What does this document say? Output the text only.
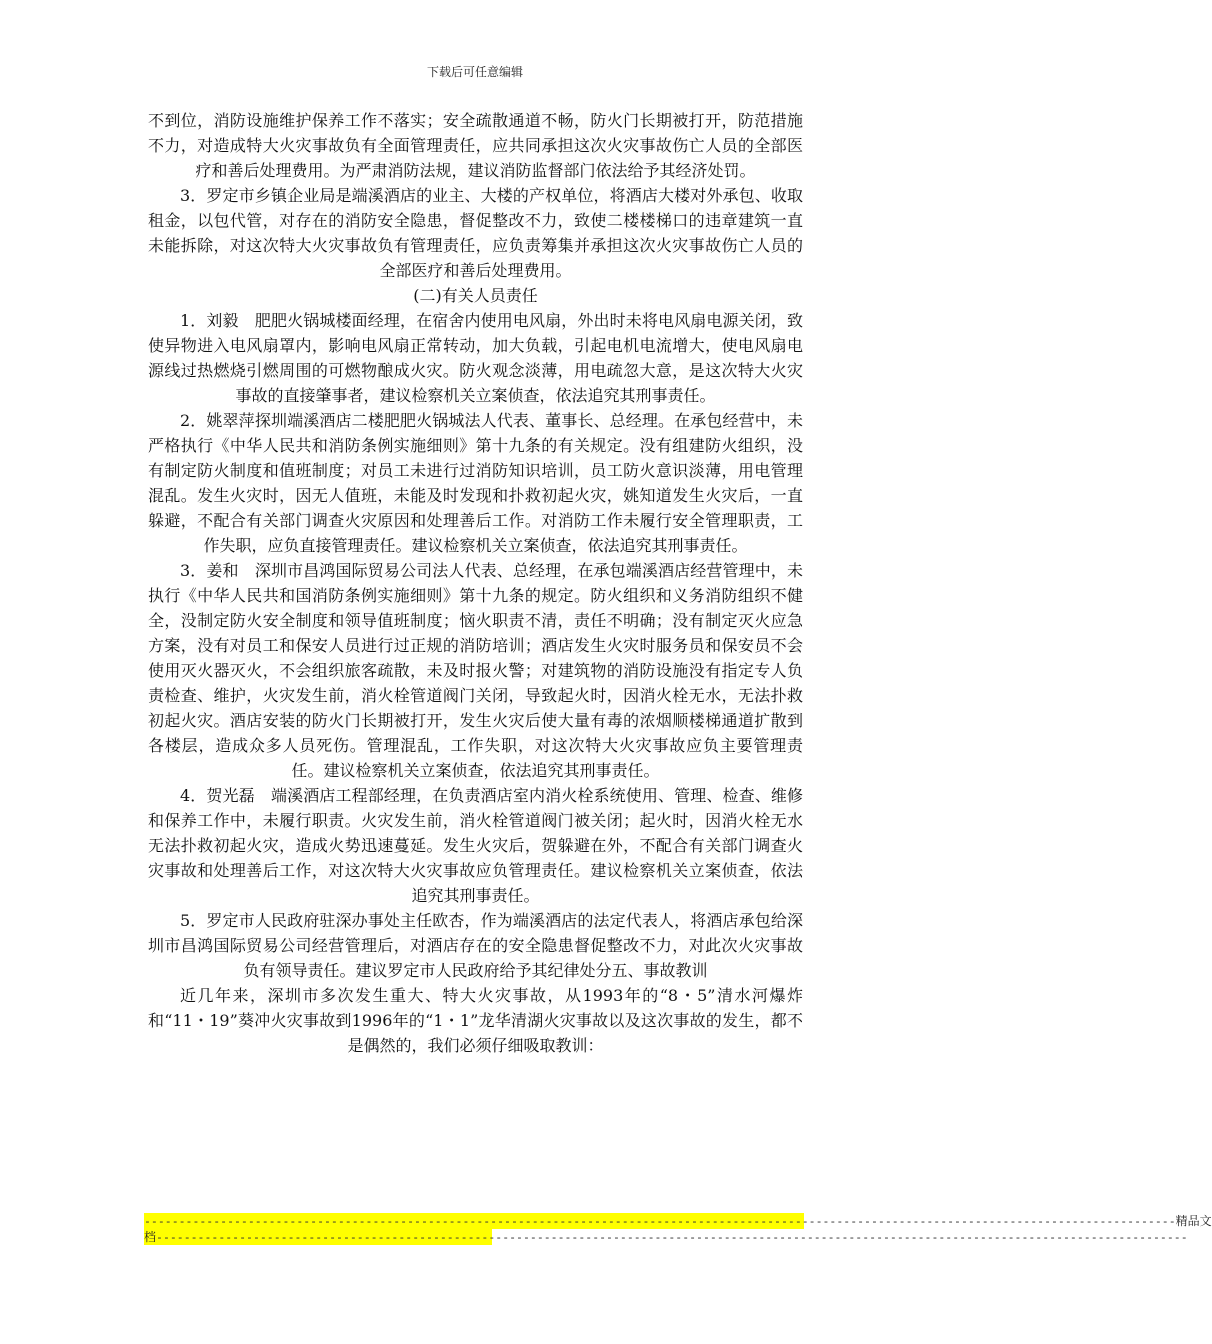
下载后可任意编辑

不到位，消防设施维护保养工作不落实；安全疏散通道不畅，防火门长期被打开，防范措施不力，对造成特大火灾事故负有全面管理责任，应共同承担这次火灾事故伤亡人员的全部医疗和善后处理费用。为严肃消防法规，建议消防监督部门依法给予其经济处罚。

3．罗定市乡镇企业局是端溪酒店的业主、大楼的产权单位，将酒店大楼对外承包、收取租金，以包代管，对存在的消防安全隐患，督促整改不力，致使二楼楼梯口的违章建筑一直未能拆除，对这次特大火灾事故负有管理责任，应负责筹集并承担这次火灾事故伤亡人员的全部医疗和善后处理费用。

(二)有关人员责任

1．刘毅　肥肥火锅城楼面经理，在宿舍内使用电风扇，外出时未将电风扇电源关闭，致使异物进入电风扇罩内，影响电风扇正常转动，加大负载，引起电机电流增大，使电风扇电源线过热燃烧引燃周围的可燃物酿成火灾。防火观念淡薄，用电疏忽大意，是这次特大火灾事故的直接肇事者，建议检察机关立案侦查，依法追究其刑事责任。

2．姚翠萍探圳端溪酒店二楼肥肥火锅城法人代表、董事长、总经理。在承包经营中，未严格执行《中华人民共和消防条例实施细则》第十九条的有关规定。没有组建防火组织，没有制定防火制度和值班制度；对员工未进行过消防知识培训，员工防火意识淡薄，用电管理混乱。发生火灾时，因无人值班，未能及时发现和扑救初起火灾，姚知道发生火灾后，一直躲避，不配合有关部门调查火灾原因和处理善后工作。对消防工作未履行安全管理职责，工作失职，应负直接管理责任。建议检察机关立案侦查，依法追究其刑事责任。

3．姜和　深圳市昌鸿国际贸易公司法人代表、总经理，在承包端溪酒店经营管理中，未执行《中华人民共和国消防条例实施细则》第十九条的规定。防火组织和义务消防组织不健全，没制定防火安全制度和领导值班制度；恼火职责不清，责任不明确；没有制定灭火应急方案，没有对员工和保安人员进行过正规的消防培训；酒店发生火灾时服务员和保安员不会使用灭火器灭火，不会组织旅客疏散，未及时报火警；对建筑物的消防设施没有指定专人负责检查、维护，火灾发生前，消火栓管道阀门关闭，导致起火时，因消火栓无水，无法扑救初起火灾。酒店安装的防火门长期被打开，发生火灾后使大量有毒的浓烟顺楼梯通道扩散到各楼层，造成众多人员死伤。管理混乱，工作失职，对这次特大火灾事故应负主要管理责任。建议检察机关立案侦查，依法追究其刑事责任。

4．贺光磊　端溪酒店工程部经理，在负责酒店室内消火栓系统使用、管理、检查、维修和保养工作中，未履行职责。火灾发生前，消火栓管道阀门被关闭；起火时，因消火栓无水无法扑救初起火灾，造成火势迅速蔓延。发生火灾后，贺躲避在外，不配合有关部门调查火灾事故和处理善后工作，对这次特大火灾事故应负管理责任。建议检察机关立案侦查，依法追究其刑事责任。

5．罗定市人民政府驻深办事处主任欧杏，作为端溪酒店的法定代表人，将酒店承包给深圳市昌鸿国际贸易公司经营管理后，对酒店存在的安全隐患督促整改不力，对此次火灾事故负有领导责任。建议罗定市人民政府给予其纪律处分五、事故教训

近几年来，深圳市多次发生重大、特大火灾事故，从1993年的“8・5”清水河爆炸和“11・19”葵冲火灾事故到1996年的“1・1”龙华清湖火灾事故以及这次事故的发生，都不是偶然的，我们必须仔细吸取教训：

----------------------------------------------------------------------------------------------------------------------------------------------------- 精 品 文
档 -----------------------------------------------------------------------------------------------------------------------------------------------------
